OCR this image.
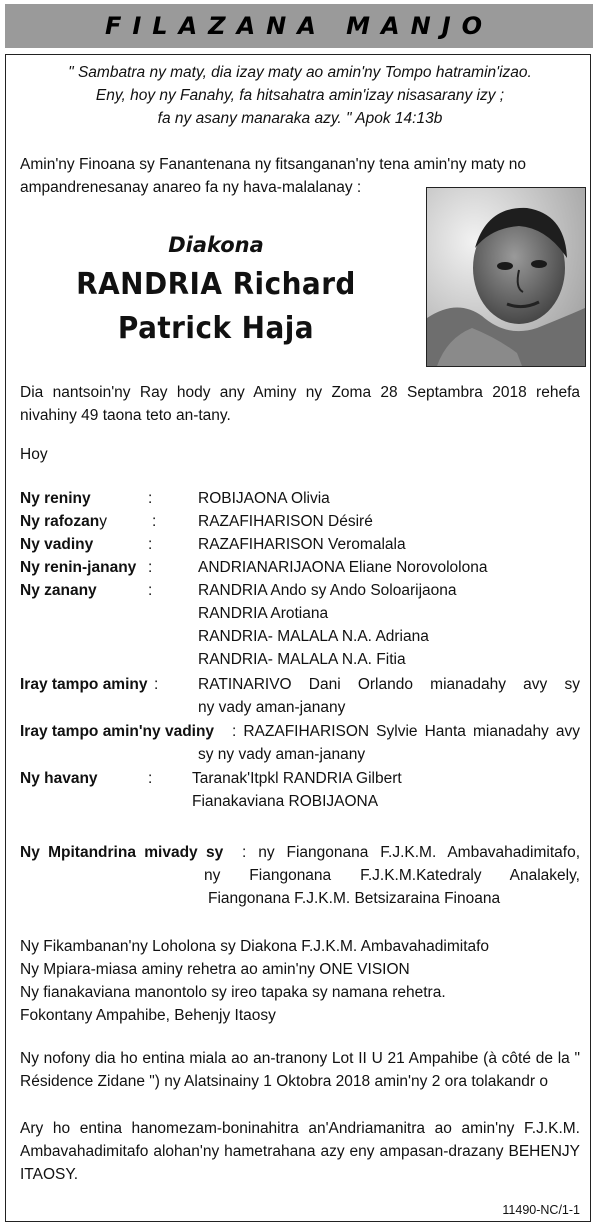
FILAZANA MANJO
" Sambatra ny maty, dia izay maty ao amin'ny Tompo hatramin'izao.
Eny, hoy ny Fanahy, fa hitsahatra amin'izay nisasarany izy ;
fa ny asany manaraka azy. " Apok 14:13b

Amin'ny Finoana sy Fanantenana ny fitsanganan'ny tena amin'ny maty no ampandrenesanay anareo fa ny hava-malalanay :

Diakona
RANDRIA Richard
Patrick Haja

Dia nantsoin'ny Ray hody any Aminy ny Zoma 28 Septambra 2018 rehefa nivahiny 49 taona teto an-tany.

Hoy

Ny reniny	:	ROBIJAONA Olivia
Ny rafozany	:	RAZAFIHARISON Désiré
Ny vadiny	:	RAZAFIHARISON Veromalala
Ny renin-janany :	ANDRIANARIJAONA Eliane Norovololona
Ny zanany	:	RANDRIA Ando sy Ando Soloarijaona
RANDRIA Arotiana
RANDRIA- MALALA N.A. Adriana
RANDRIA- MALALA N.A. Fitia
Iray tampo aminy :	RATINARIVO Dani Orlando mianadahy avy sy
ny vady aman-janany
Iray tampo amin'ny vadiny : RAZAFIHARISON Sylvie Hanta mianadahy avy
sy ny vady aman-janany
Ny havany	:	Taranak'Itpkl RANDRIA Gilbert
Fianakaviana ROBIJAONA
Ny Mpitandrina mivady sy : ny Fiangonana F.J.K.M. Ambavahadimitafo,
ny Fiangonana F.J.K.M.Katedraly Analakely,
Fiangonana F.J.K.M. Betsizaraina Finoana
Ny Fikambanan'ny Loholona sy Diakona F.J.K.M. Ambavahadimitafo
Ny Mpiara-miasa aminy rehetra ao amin'ny ONE VISION
Ny fianakaviana manontolo sy ireo tapaka sy namana rehetra.
Fokontany Ampahibe, Behenjy Itaosy

Ny nofony dia ho entina miala ao an-tranony Lot II U 21 Ampahibe (à côté de la " Résidence Zidane ") ny Alatsinainy 1 Oktobra 2018 amin'ny 2 ora tolakandr o

Ary ho entina hanomezam-boninahitra an'Andriamanitra ao amin'ny F.J.K.M. Ambavahadimitafo alohan'ny hametrahana azy eny ampasan-drazany BEHENJY ITAOSY.

11490-NC/1-1
